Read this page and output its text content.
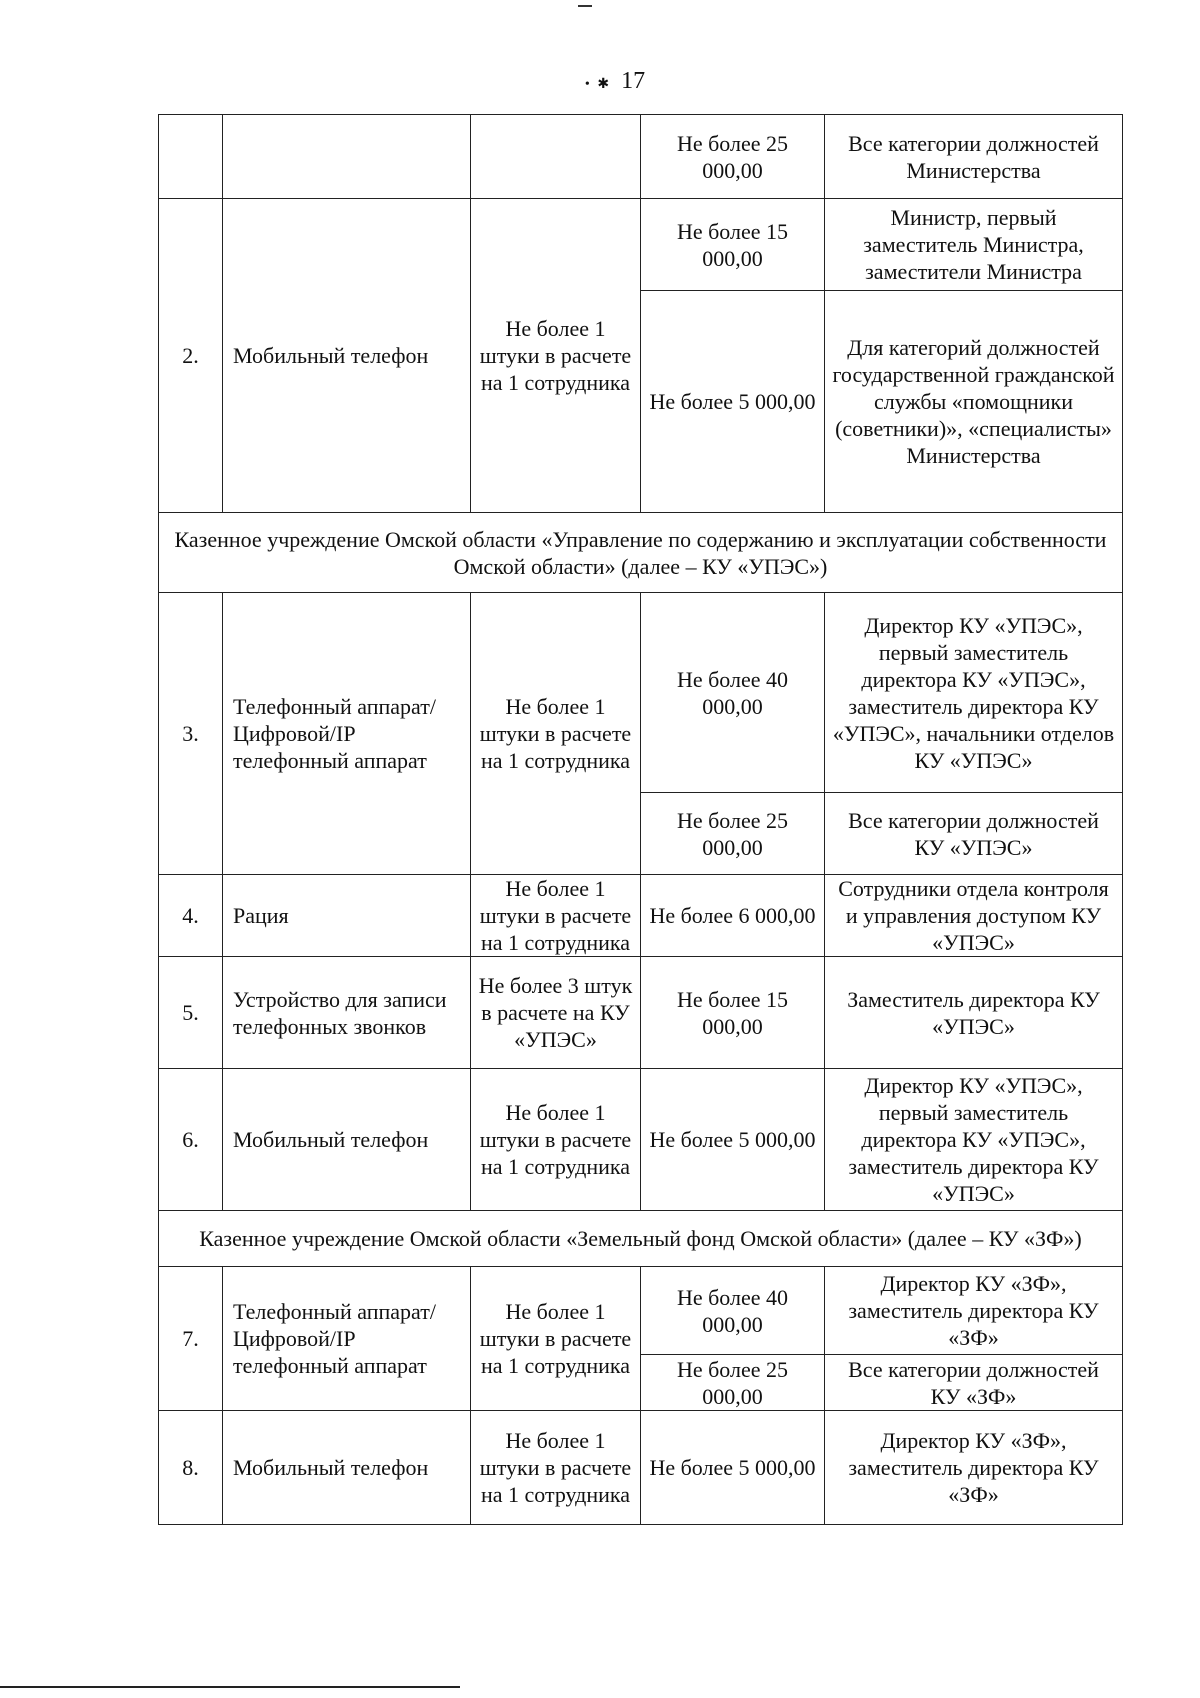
• ✱ 17
			Не более 25 000,00	Все категории должностей Министерства
2.	Мобильный телефон	Не более 1 штуки в расчете на 1 сотрудника	Не более 15 000,00	Министр, первый заместитель Министра, заместители Министра
			Не более 5 000,00	Для категорий должностей государственной гражданской службы «помощники (советники)», «специалисты» Министерства
Казенное учреждение Омской области «Управление по содержанию и эксплуатации собственности Омской области» (далее – КУ «УПЭС»)				
3.	Телефонный аппарат/Цифровой/IP телефонный аппарат	Не более 1 штуки в расчете на 1 сотрудника	Не более 40 000,00	Директор КУ «УПЭС», первый заместитель директора КУ «УПЭС», заместитель директора КУ «УПЭС», начальники отделов КУ «УПЭС»
			Не более 25 000,00	Все категории должностей КУ «УПЭС»
4.	Рация	Не более 1 штуки в расчете на 1 сотрудника	Не более 6 000,00	Сотрудники отдела контроля и управления доступом КУ «УПЭС»
5.	Устройство для записи телефонных звонков	Не более 3 штук в расчете на КУ «УПЭС»	Не более 15 000,00	Заместитель директора КУ «УПЭС»
6.	Мобильный телефон	Не более 1 штуки в расчете на 1 сотрудника	Не более 5 000,00	Директор КУ «УПЭС», первый заместитель директора КУ «УПЭС», заместитель директора КУ «УПЭС»
Казенное учреждение Омской области «Земельный фонд Омской области» (далее – КУ «ЗФ»)				
7.	Телефонный аппарат/Цифровой/IP телефонный аппарат	Не более 1 штуки в расчете на 1 сотрудника	Не более 40 000,00	Директор КУ «ЗФ», заместитель директора КУ «ЗФ»
			Не более 25 000,00	Все категории должностей КУ «ЗФ»
8.	Мобильный телефон	Не более 1 штуки в расчете на 1 сотрудника	Не более 5 000,00	Директор КУ «ЗФ», заместитель директора КУ «ЗФ»
